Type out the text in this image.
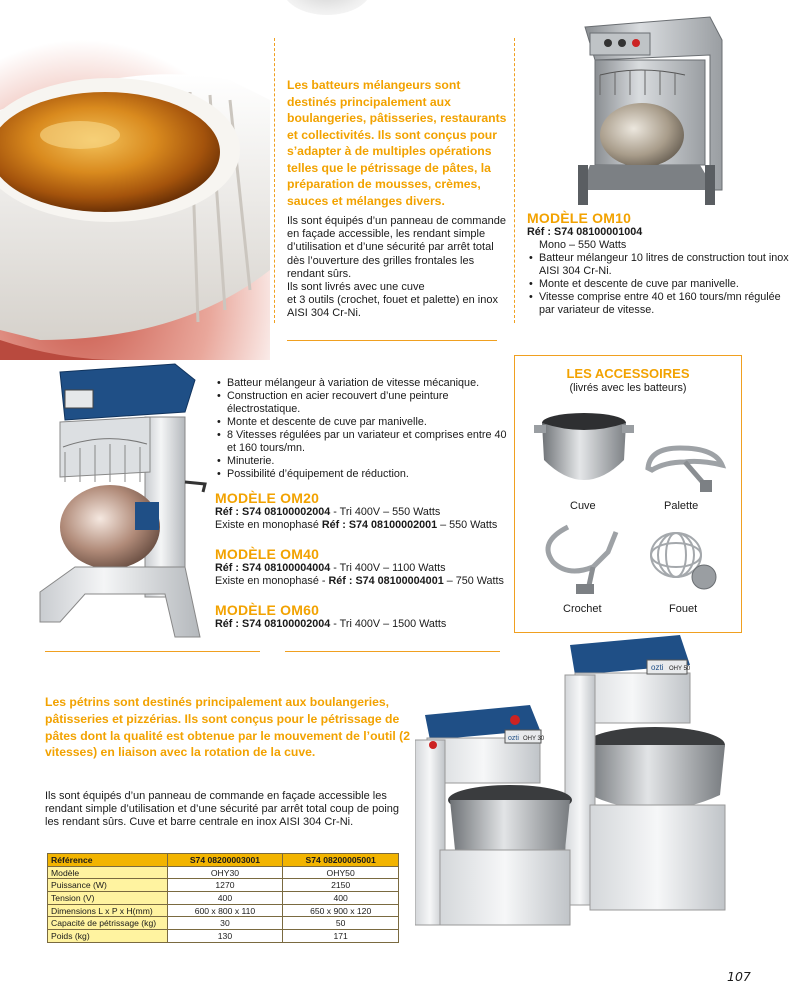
Les batteurs mélangeurs sont destinés principalement aux boulangeries, pâtisseries, restaurants et collectivités. Ils sont conçus pour s’adapter à de multiples opérations telles que le pétrissage de pâtes, la préparation de mousses, crèmes, sauces et mélanges divers.

Ils sont équipés d’un panneau de commande en façade accessible, les rendant simple d’utilisation et d’une sécurité par arrêt total dès l’ouverture des grilles frontales les rendant sûrs.

Ils sont livrés avec une cuve

et 3 outils (crochet, fouet et palette) en inox AISI 304 Cr-Ni.

MODÈLE OM10
Réf : S74 08100001004
Mono – 550 Watts
• Batteur mélangeur 10 litres de construction tout inox AISI 304 Cr-Ni.
• Monte et descente de cuve par manivelle.
• Vitesse comprise entre 40 et 160 tours/mn régulée par variateur de vitesse.
• Batteur mélangeur à variation de vitesse mécanique.
• Construction en acier recouvert d’une peinture électrostatique.
• Monte et descente de cuve par manivelle.
• 8 Vitesses régulées par un variateur et comprises entre 40 et 160 tours/mn.
• Minuterie.
• Possibilité d’équipement de réduction.
MODÈLE OM20
Réf : S74 08100002004 - Tri 400V – 550 Watts
Existe en monophasé Réf : S74 08100002001 – 550 Watts
MODÈLE OM40
Réf : S74 08100004004 - Tri 400V – 1100 Watts
Existe en monophasé - Réf : S74 08100004001 – 750 Watts
MODÈLE OM60
Réf : S74 08100002004 - Tri 400V – 1500 Watts
LES ACCESSOIRES
(livrés avec les batteurs)
Cuve	Palette
Crochet	Fouet
Les pétrins sont destinés principalement aux boulangeries, pâtisseries et pizzérias. Ils sont conçus pour le pétrissage de pâtes dont la qualité est obtenue par le mouvement de l’outil (2 vitesses) en liaison avec la rotation de la cuve.
Ils sont équipés d’un panneau de commande en façade accessible les rendant simple d’utilisation et d’une sécurité par arrêt total coup de poing les rendant sûrs. Cuve et barre centrale en inox AISI 304 Cr-Ni.
ozti OHY 50
ozti OHY 30
Référence	S74 08200003001	S74 08200005001
Modèle	OHY30	OHY50
Puissance (W)	1270	2150
Tension (V)	400	400
Dimensions L x P x H(mm)	600 x 800 x 110	650 x 900 x 120
Capacité de pétrissage (kg)	30	50
Poids (kg)	130	171
107
